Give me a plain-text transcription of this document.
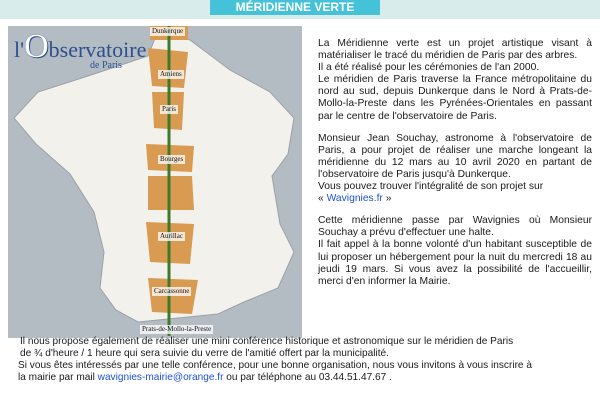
MÉRIDIENNE VERTE
l'Observatoire
de Paris
Dunkerque
Amiens
Paris
Bourges
Aurillac
Carcassonne
Prats-de-Mollo-la-Preste

La Méridienne verte est un projet artistique visant à matérialiser le tracé du méridien de Paris par des arbres.

Il a été réalisé pour les cérémonies de l'an 2000.

Le méridien de Paris traverse la France métropolitaine du nord au sud, depuis Dunkerque dans le Nord à Prats-de-Mollo-la-Preste dans les Pyrénées-Orientales en passant par le centre de l'observatoire de Paris.

Monsieur Jean Souchay, astronome à l'observatoire de Paris, a pour projet de réaliser une marche longeant la méridienne du 12 mars au 10 avril 2020 en partant de l'observatoire de Paris jusqu'à Dunkerque.

Vous pouvez trouver l'intégralité de son projet sur
« Wavignies.fr »

Cette méridienne passe par Wavignies où Monsieur Souchay a prévu d'effectuer une halte.

Il fait appel à la bonne volonté d'un habitant susceptible de lui proposer un hébergement pour la nuit du mercredi 18 au jeudi 19 mars. Si vous avez la possibilité de l'accueillir, merci d'en informer la Mairie.

Il nous propose également de réaliser une mini conférence historique et astronomique sur le méridien de Paris

de ¾ d'heure / 1 heure qui sera suivie du verre de l'amitié offert par la municipalité.

Si vous êtes intéressés par une telle conférence, pour une bonne organisation, nous vous invitons à vous inscrire à

la mairie par mail wavignies-mairie@orange.fr ou par téléphone au 03.44.51.47.67 .
